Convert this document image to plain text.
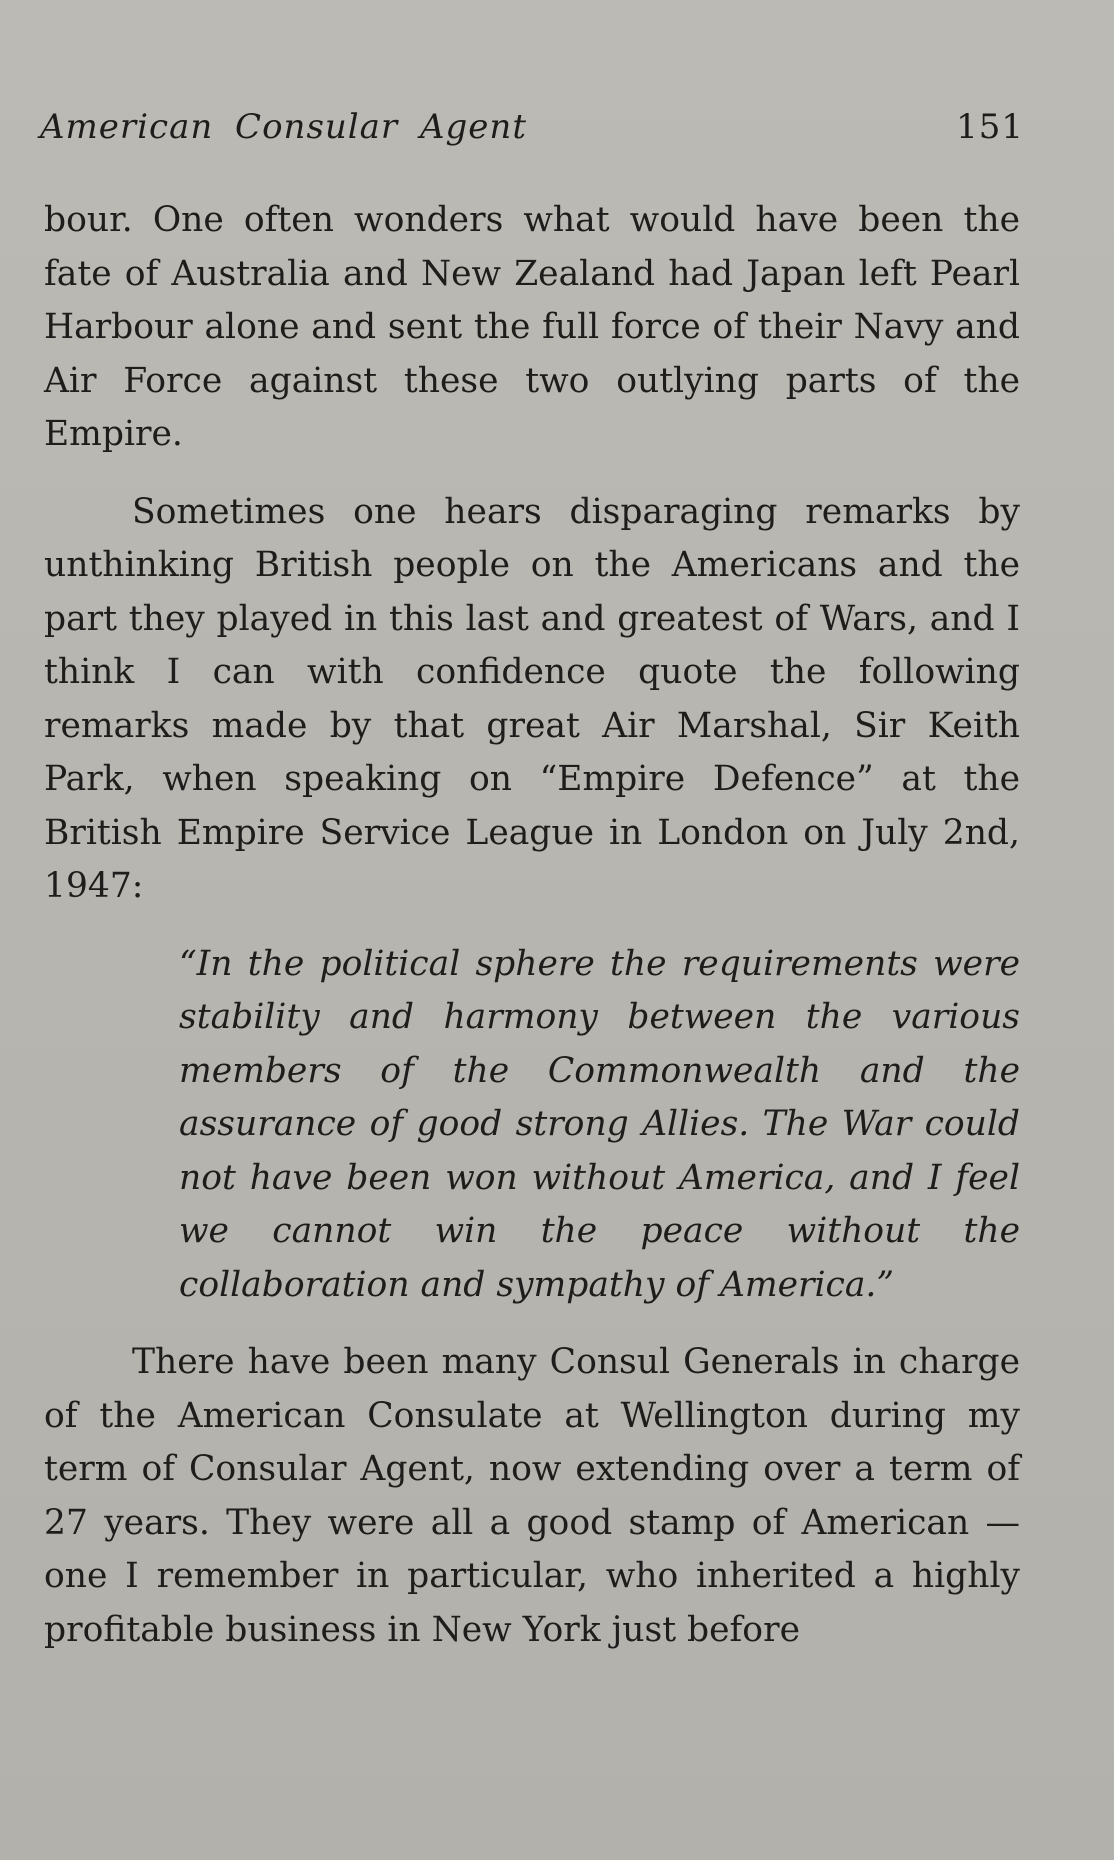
American Consular Agent	151

bour. One often wonders what would have been the fate of Australia and New Zealand had Japan left Pearl Harbour alone and sent the full force of their Navy and Air Force against these two outlying parts of the Empire.

Sometimes one hears disparaging remarks by unthinking British people on the Americans and the part they played in this last and greatest of Wars, and I think I can with confidence quote the following remarks made by that great Air Marshal, Sir Keith Park, when speaking on “Empire Defence” at the British Empire Service League in London on July 2nd, 1947:

“In the political sphere the requirements were stability and harmony between the various members of the Commonwealth and the assurance of good strong Allies. The War could not have been won without America, and I feel we cannot win the peace without the collaboration and sympathy of America.”

There have been many Consul Generals in charge of the American Consulate at Wellington during my term of Consular Agent, now extending over a term of 27 years. They were all a good stamp of American —one I remember in particular, who inherited a highly profitable business in New York just before
